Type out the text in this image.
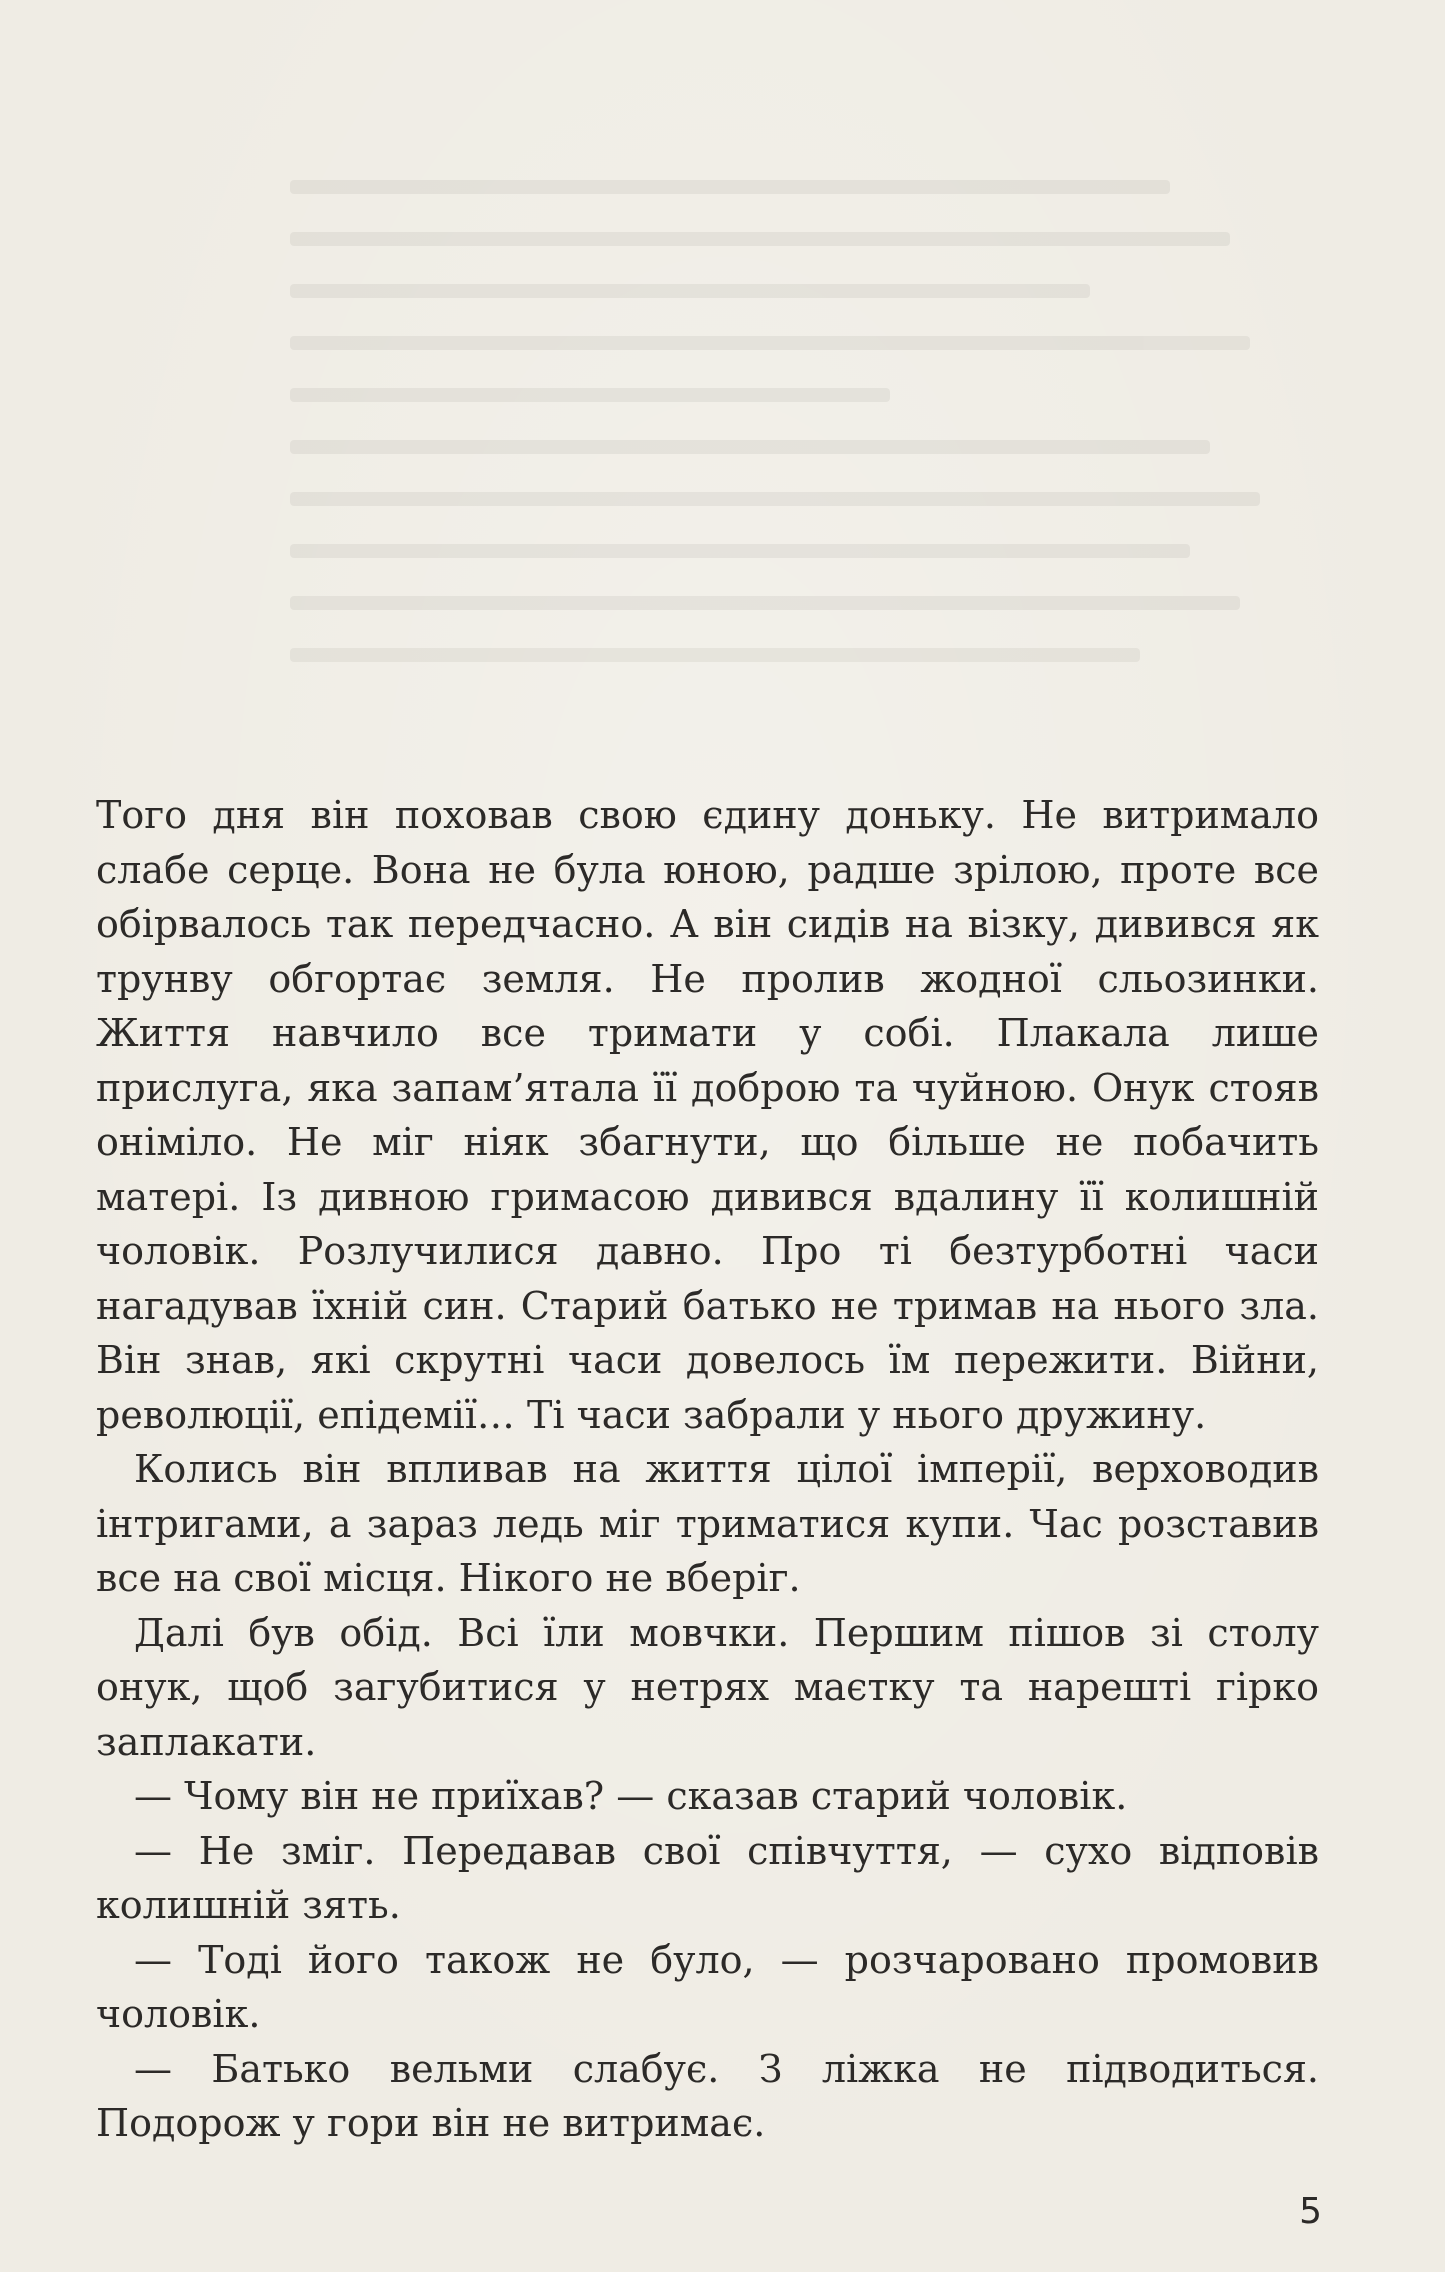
Того дня він поховав свою єдину доньку. Не витримало слабе серце. Вона не була юною, радше зрілою, проте все обірвалось так передчасно. А він сидів на візку, дивився як трунву обгортає земля. Не пролив жодної сльозинки. Життя навчило все тримати у собі. Плакала лише прислуга, яка запам’ятала її доброю та чуйною. Онук стояв оніміло. Не міг ніяк збагнути, що більше не побачить матері. Із дивною гримасою дивився вдалину її колишній чоловік. Розлучилися давно. Про ті безтурботні часи нагадував їхній син. Старий батько не тримав на нього зла. Він знав, які скрутні часи довелось їм пережити. Війни, революції, епідемії… Ті часи забрали у нього дружину.

Колись він впливав на життя цілої імперії, верховодив інтригами, а зараз ледь міг триматися купи. Час розставив все на свої місця. Нікого не вберіг.

Далі був обід. Всі їли мовчки. Першим пішов зі столу онук, щоб загубитися у нетрях маєтку та нарешті гірко заплакати.

— Чому він не приїхав? — сказав старий чоловік.

— Не зміг. Передавав свої співчуття, — сухо відповів колишній зять.

— Тоді його також не було, — розчаровано промовив чоловік.

— Батько вельми слабує. З ліжка не підводиться. Подорож у гори він не витримає.

5
